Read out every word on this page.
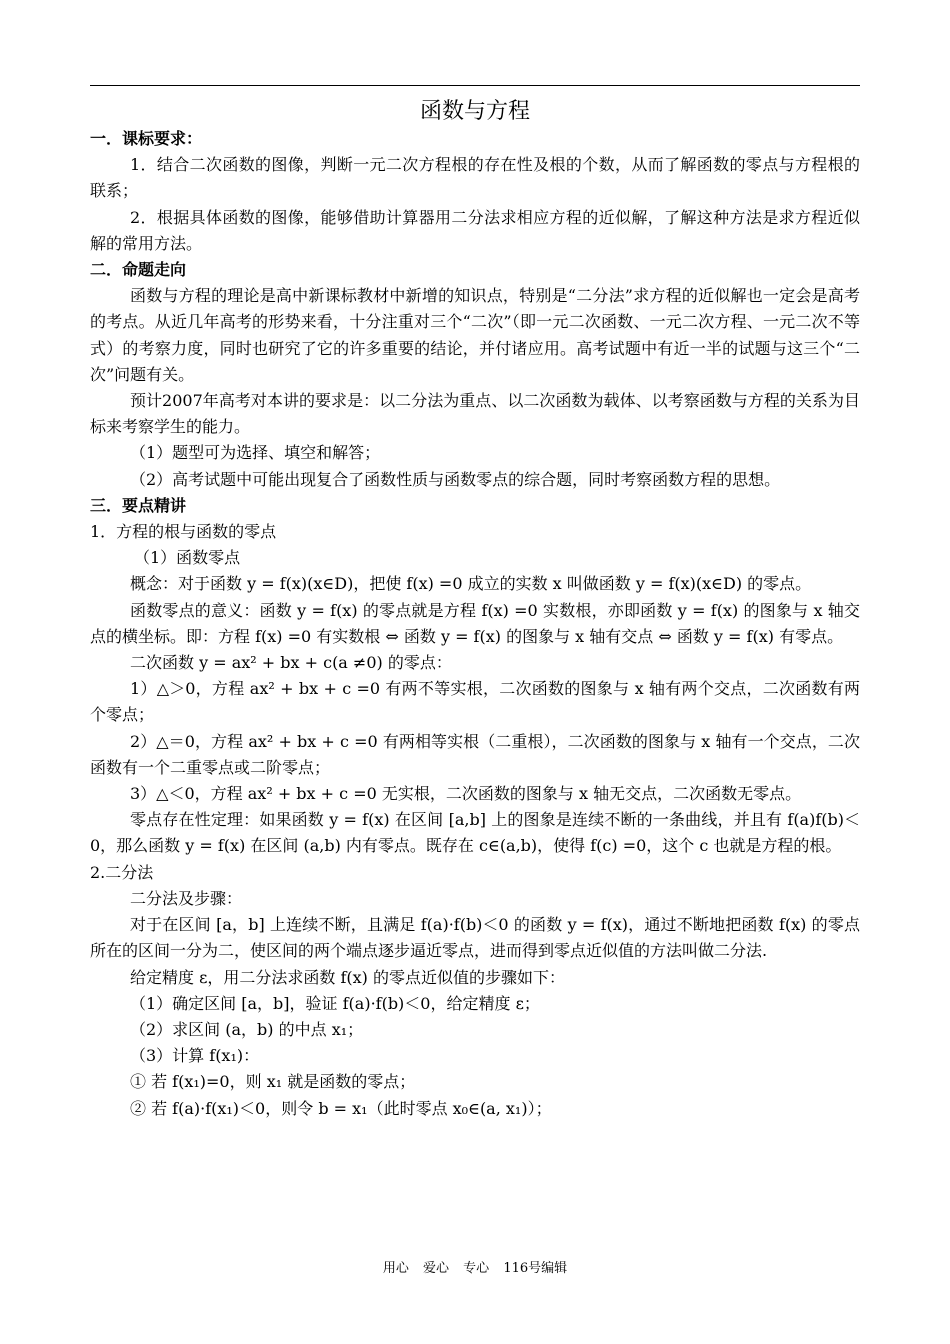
函数与方程

一．课标要求：

1．结合二次函数的图像，判断一元二次方程根的存在性及根的个数，从而了解函数的零点与方程根的联系；

2．根据具体函数的图像，能够借助计算器用二分法求相应方程的近似解，了解这种方法是求方程近似解的常用方法。

二．命题走向

函数与方程的理论是高中新课标教材中新增的知识点，特别是“二分法”求方程的近似解也一定会是高考的考点。从近几年高考的形势来看，十分注重对三个“二次”（即一元二次函数、一元二次方程、一元二次不等式）的考察力度，同时也研究了它的许多重要的结论，并付诸应用。高考试题中有近一半的试题与这三个“二次”问题有关。

预计2007年高考对本讲的要求是：以二分法为重点、以二次函数为载体、以考察函数与方程的关系为目标来考察学生的能力。

（1）题型可为选择、填空和解答；

（2）高考试题中可能出现复合了函数性质与函数零点的综合题，同时考察函数方程的思想。

三．要点精讲

1．方程的根与函数的零点

（1）函数零点

概念：对于函数 y = f(x)(x∈D)，把使 f(x) =0 成立的实数 x 叫做函数 y = f(x)(x∈D) 的零点。

函数零点的意义：函数 y = f(x) 的零点就是方程 f(x) =0 实数根，亦即函数 y = f(x) 的图象与 x 轴交点的横坐标。即：方程 f(x) =0 有实数根 ⇔ 函数 y = f(x) 的图象与 x 轴有交点 ⇔ 函数 y = f(x) 有零点。

二次函数 y = ax² + bx + c(a ≠0) 的零点：

1）△＞0，方程 ax² + bx + c =0 有两不等实根，二次函数的图象与 x 轴有两个交点，二次函数有两个零点；

2）△＝0，方程 ax² + bx + c =0 有两相等实根（二重根），二次函数的图象与 x 轴有一个交点，二次函数有一个二重零点或二阶零点；

3）△＜0，方程 ax² + bx + c =0 无实根，二次函数的图象与 x 轴无交点，二次函数无零点。

零点存在性定理：如果函数 y = f(x) 在区间 [a,b] 上的图象是连续不断的一条曲线，并且有 f(a)f(b)＜0，那么函数 y = f(x) 在区间 (a,b) 内有零点。既存在 c∈(a,b)，使得 f(c) =0，这个 c 也就是方程的根。

2.二分法

二分法及步骤：

对于在区间 [a，b] 上连续不断，且满足 f(a)·f(b)＜0 的函数 y = f(x)，通过不断地把函数 f(x) 的零点所在的区间一分为二，使区间的两个端点逐步逼近零点，进而得到零点近似值的方法叫做二分法.

给定精度 ε，用二分法求函数 f(x) 的零点近似值的步骤如下：

（1）确定区间 [a，b]，验证 f(a)·f(b)＜0，给定精度 ε；

（2）求区间 (a，b) 的中点 x₁；

（3）计算 f(x₁)：

① 若 f(x₁)=0，则 x₁ 就是函数的零点；

② 若 f(a)·f(x₁)＜0，则令 b = x₁（此时零点 x₀∈(a, x₁)）；

用心 爱心 专心 116号编辑
